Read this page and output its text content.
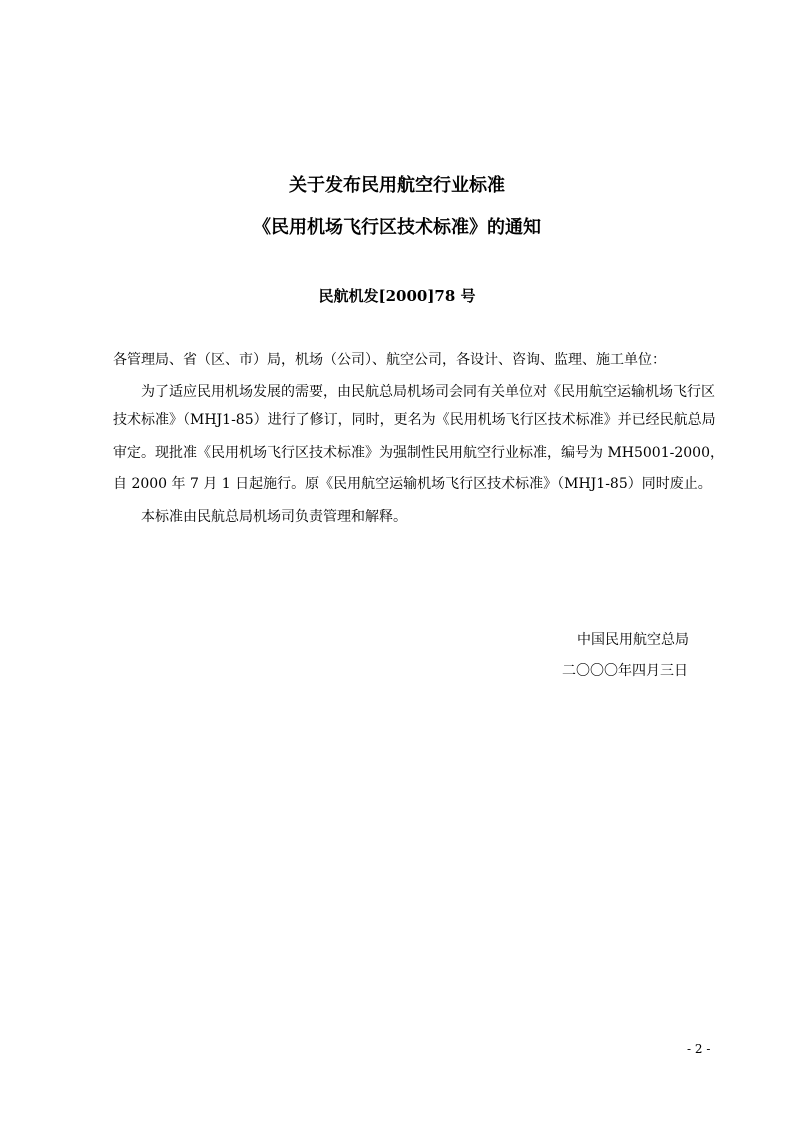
关于发布民用航空行业标准
《民用机场飞行区技术标准》的通知
民航机发[2000]78 号
各管理局、省（区、市）局，机场（公司）、航空公司，各设计、咨询、监理、施工单位：
为了适应民用机场发展的需要，由民航总局机场司会同有关单位对《民用航空运输机场飞行区
技术标准》（MHJ1-85）进行了修订，同时，更名为《民用机场飞行区技术标准》并已经民航总局
审定。现批准《民用机场飞行区技术标准》为强制性民用航空行业标准，编号为 MH5001-2000，
自 2000 年 7 月 1 日起施行。原《民用航空运输机场飞行区技术标准》（MHJ1-85）同时废止。
本标准由民航总局机场司负责管理和解释。
中国民用航空总局
二〇〇〇年四月三日
- 2 -
